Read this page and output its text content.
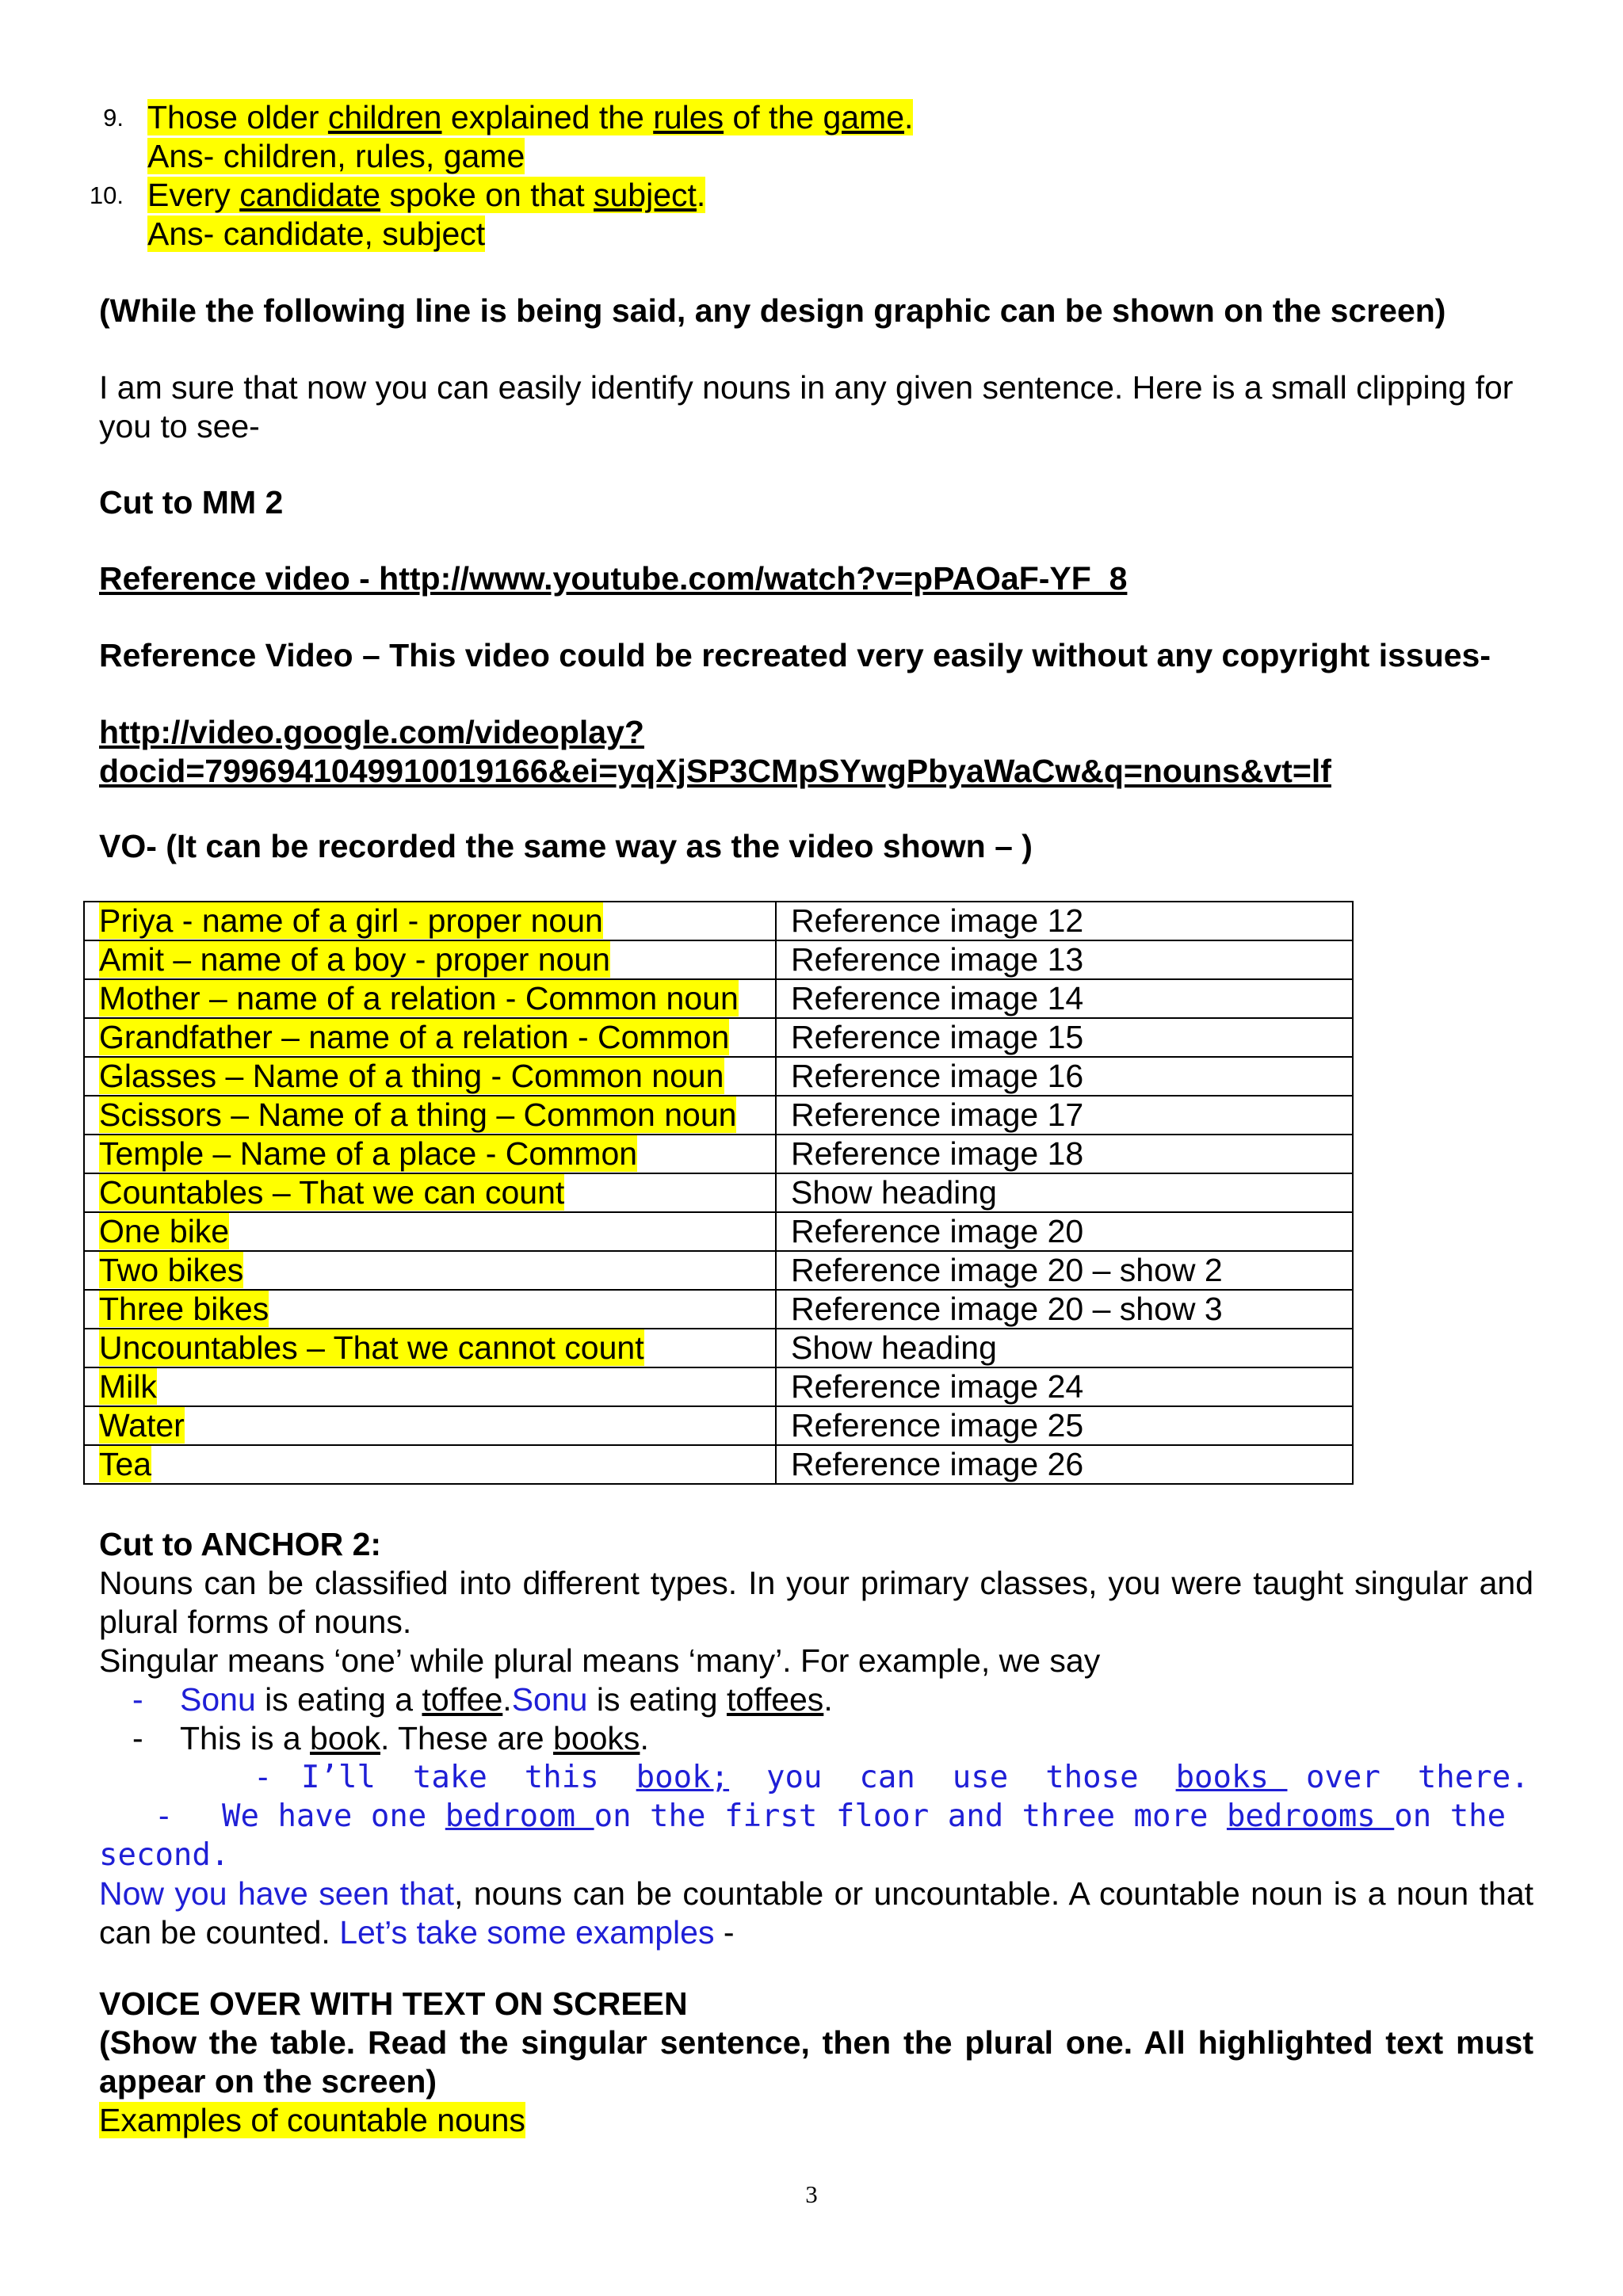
9. Those older children explained the rules of the game.
Ans- children, rules, game
10. Every candidate spoke on that subject.
Ans- candidate, subject
(While the following line is being said, any design graphic can be shown on the screen)
I am sure that now you can easily identify nouns in any given sentence. Here is a small clipping for you to see-
Cut to MM 2
Reference video - http://www.youtube.com/watch?v=pPAOaF-YF_8
Reference Video – This video could be recreated very easily without any copyright issues-
http://video.google.com/videoplay?
docid=7996941049910019166&ei=yqXjSP3CMpSYwgPbyaWaCw&q=nouns&vt=lf
VO- (It can be recorded the same way as the video shown – )
Priya - name of a girl - proper noun	Reference image 12
Amit – name of a boy - proper noun	Reference image 13
Mother – name of a relation - Common noun	Reference image 14
Grandfather – name of a relation - Common	Reference image 15
Glasses – Name of a thing - Common noun	Reference image 16
Scissors – Name of a thing – Common noun	Reference image 17
Temple – Name of a place - Common	Reference image 18
Countables – That we can count	Show heading
One bike	Reference image 20
Two bikes	Reference image 20 – show 2
Three bikes	Reference image 20 – show 3
Uncountables – That we cannot count	Show heading
Milk	Reference image 24
Water	Reference image 25
Tea	Reference image 26
Cut to ANCHOR 2:
Nouns can be classified into different types. In your primary classes, you were taught singular and plural forms of nouns.
Singular means ‘one’ while plural means ‘many’. For example, we say
- Sonu is eating a toffee.Sonu is eating toffees.
- This is a book. These are books.
- I’ll  take  this  book;  you  can  use  those  books  over  there.
- We have one bedroom on the first floor and three more bedrooms on the second.
Now you have seen that, nouns can be countable or uncountable. A countable noun is a noun that can be counted. Let’s take some examples -
VOICE OVER WITH TEXT ON SCREEN
(Show the table. Read the singular sentence, then the plural one. All highlighted text must appear on the screen)
Examples of countable nouns
3
